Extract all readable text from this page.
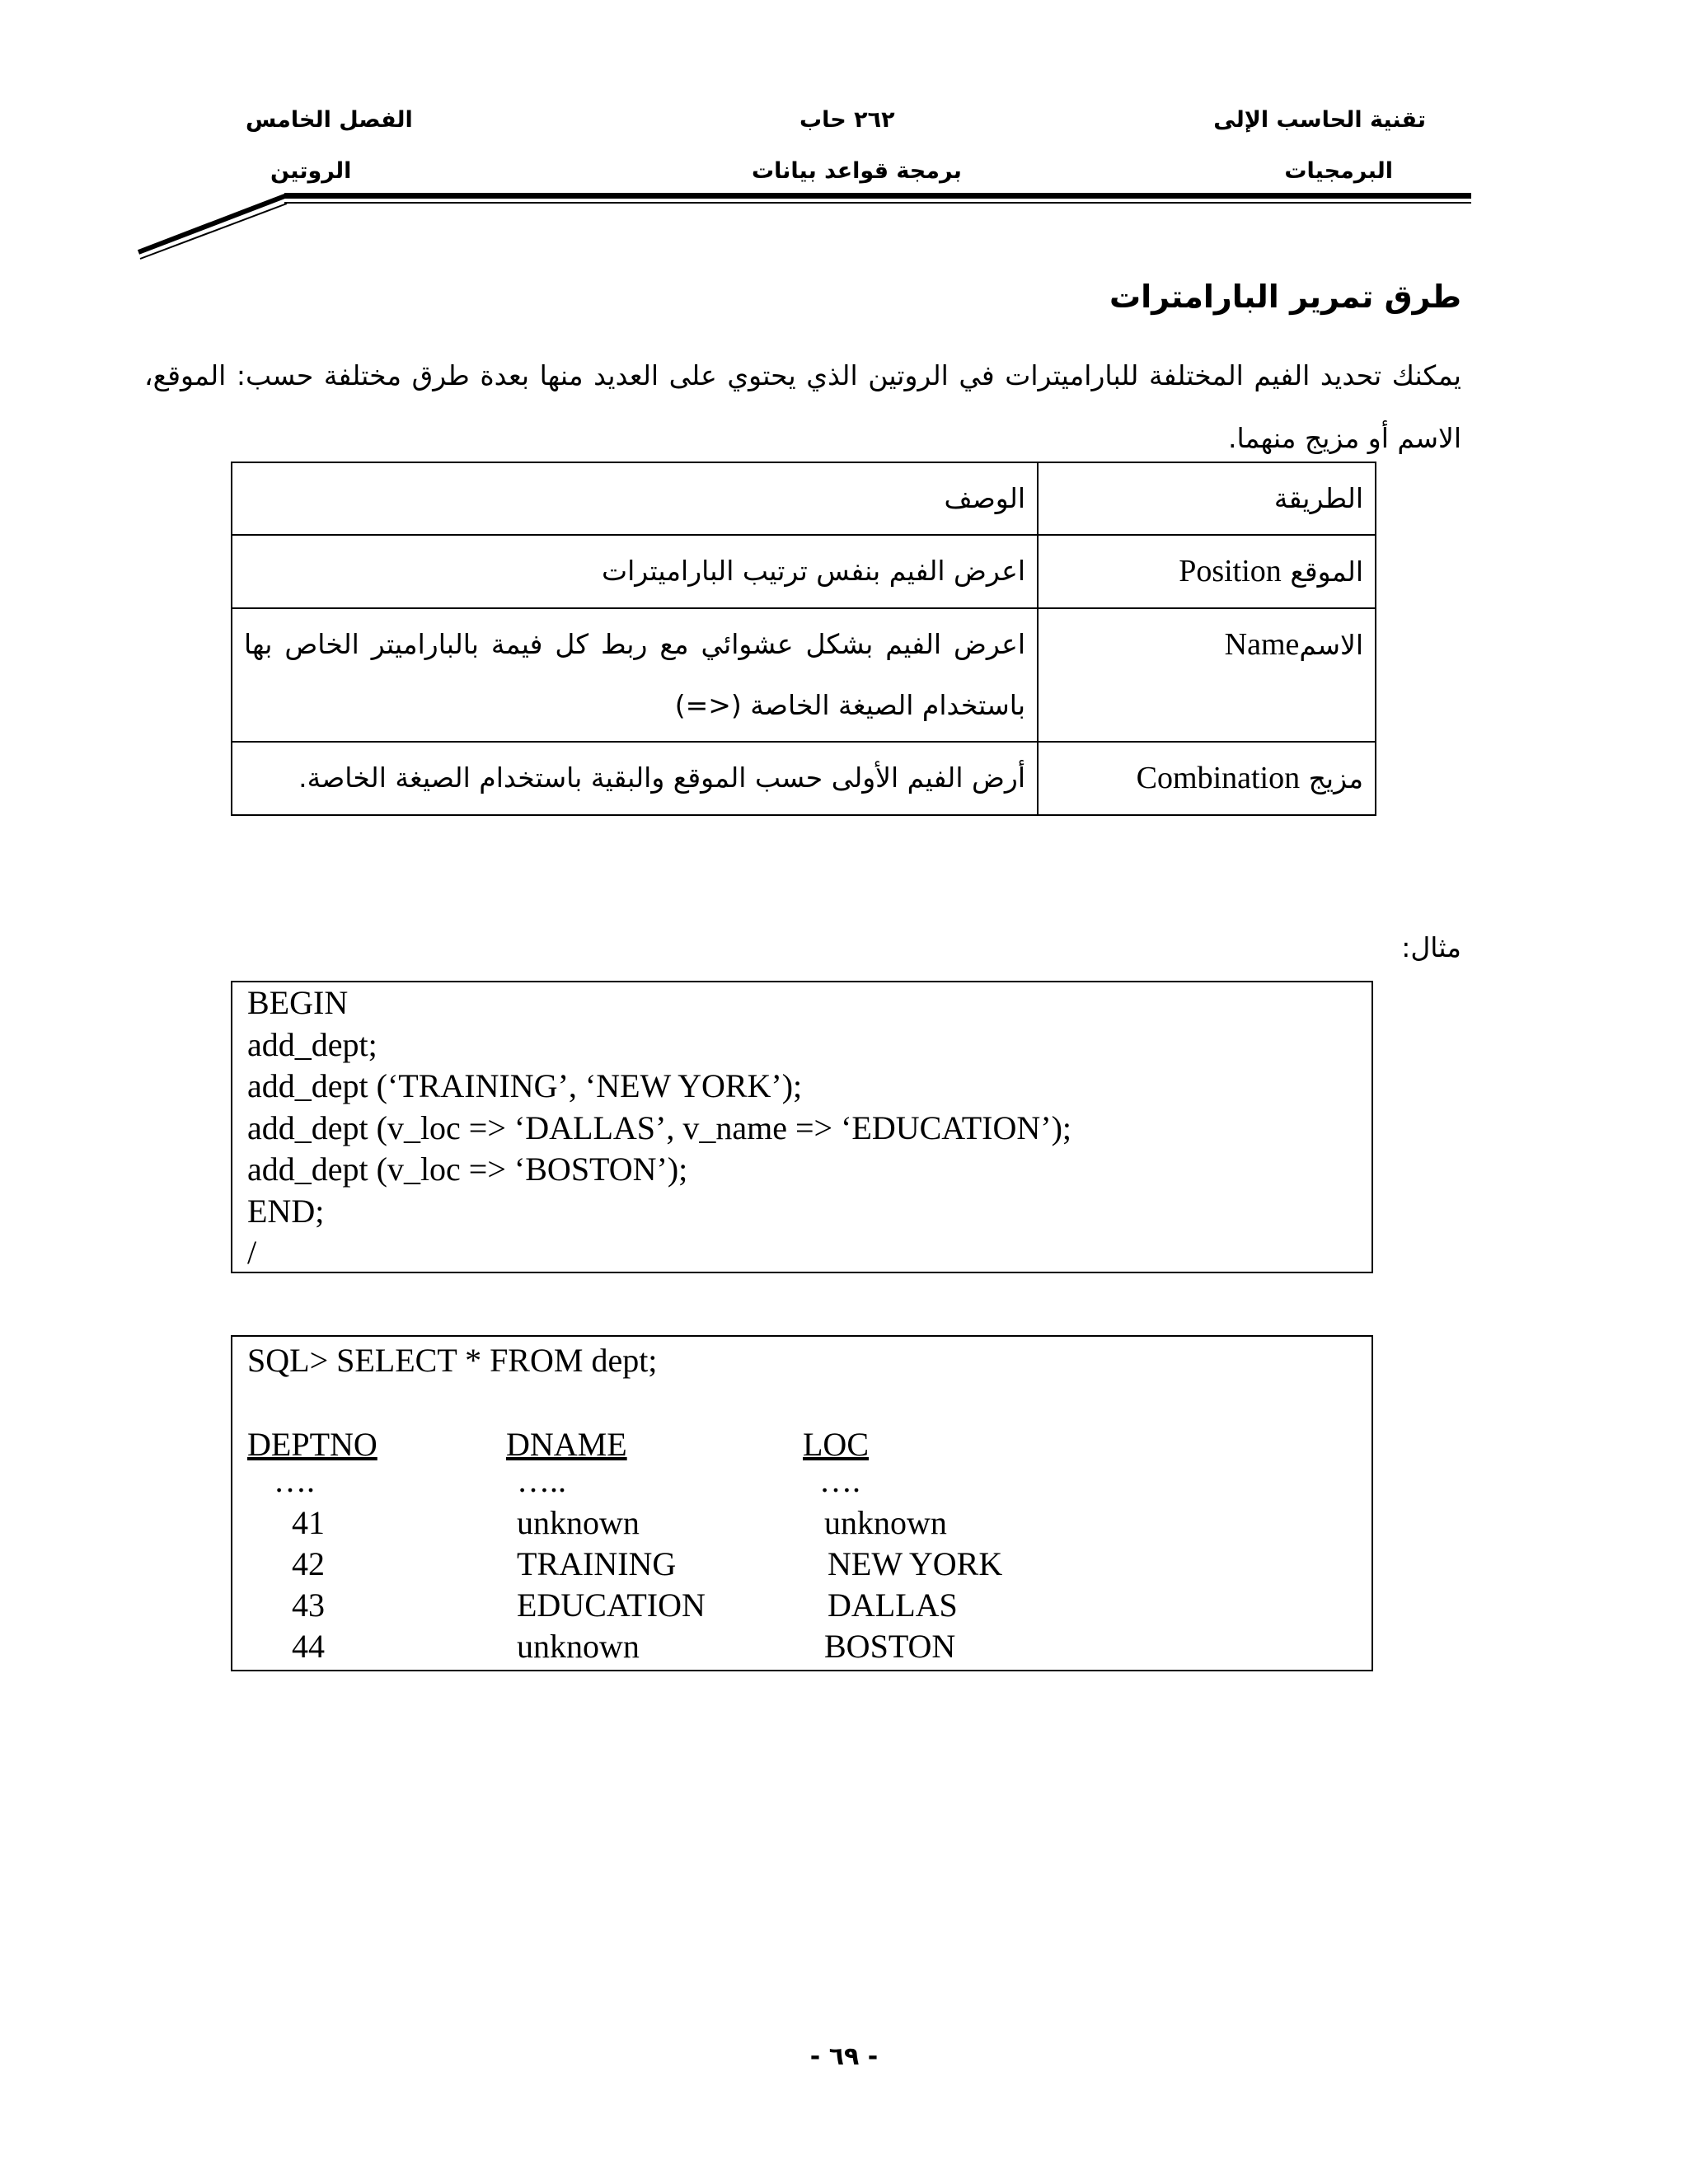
تقنية الحاسب الإلى
٢٦٢ حاب
الفصل الخامس
البرمجيات
برمجة قواعد بيانات
الروتين
طرق تمرير البارامترات
يمكنك تحديد الفيم المختلفة للباراميترات في الروتين الذي يحتوي على العديد منها بعدة طرق مختلفة حسب: الموقع، الاسم أو مزيج منهما.
الطريقة	الوصف
الموقع Position	اعرض الفيم بنفس ترتيب الباراميترات
الاسمName	اعرض الفيم بشكل عشوائي مع ربط كل فيمة بالباراميتر الخاص بها باستخدام الصيغة الخاصة (<=)
مزيج Combination	أرض الفيم الأولى حسب الموقع والبقية باستخدام الصيغة الخاصة.
مثال:
BEGIN
add_dept;
add_dept (‘TRAINING’, ‘NEW YORK’);
add_dept (v_loc => ‘DALLAS’, v_name => ‘EDUCATION’);
add_dept (v_loc => ‘BOSTON’);
END;
/
SQL> SELECT * FROM dept;
DEPTNO	DNAME	LOC
….	…..	….
41	unknown	unknown
42	TRAINING	NEW YORK
43	EDUCATION	DALLAS
44	unknown	BOSTON
- ٦٩ -
